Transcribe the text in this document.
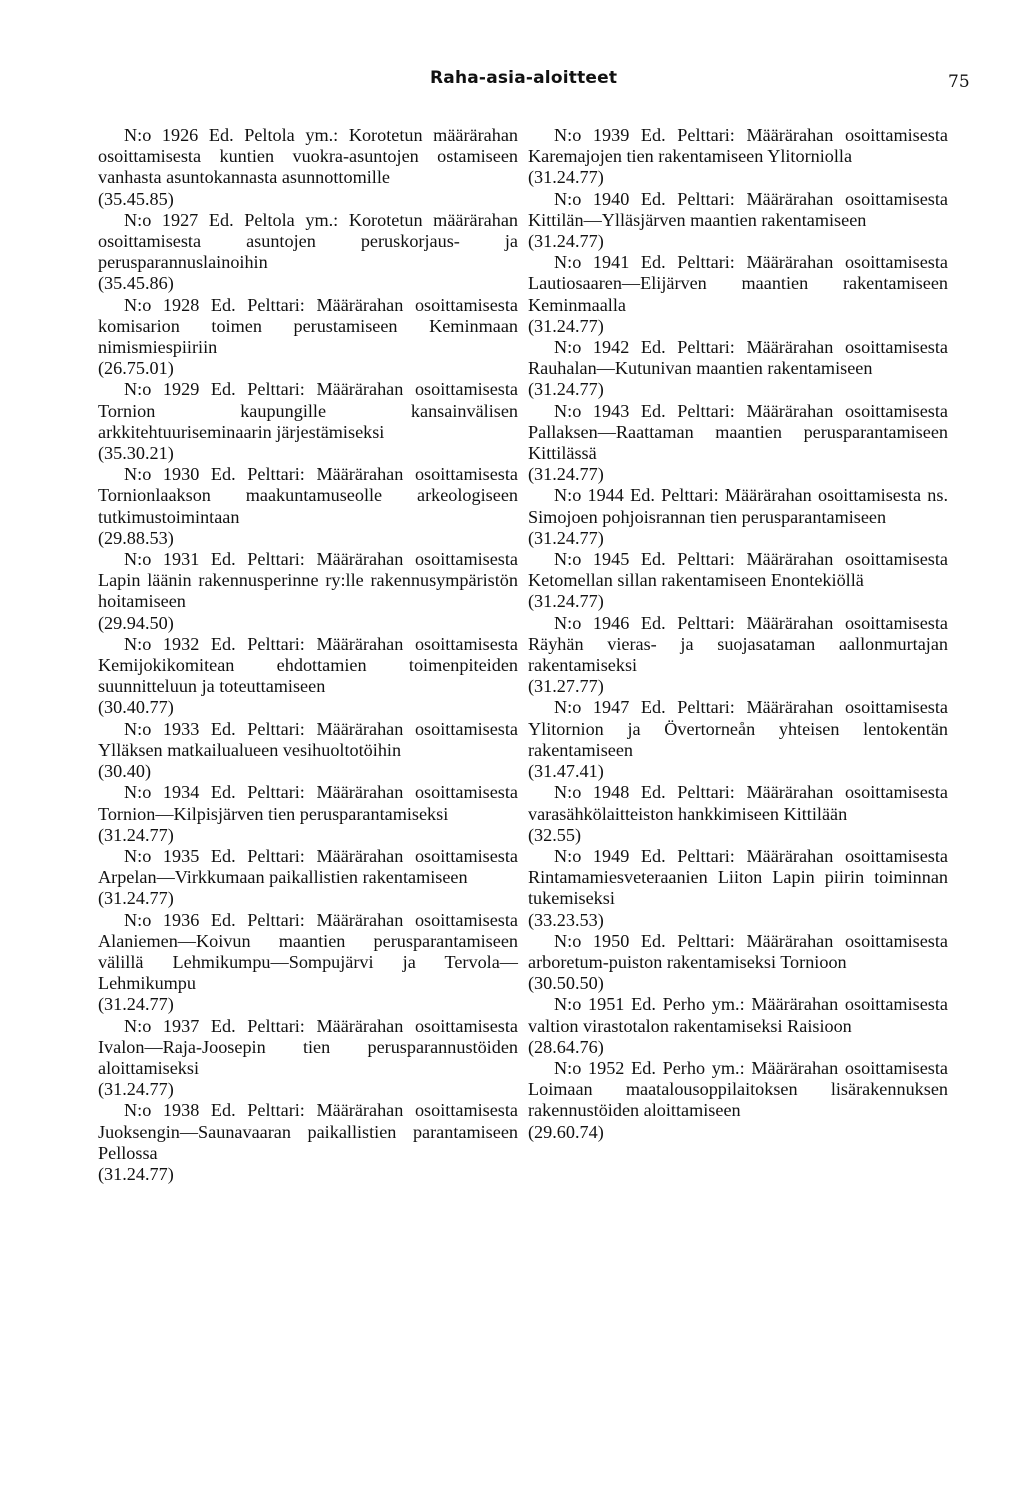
Raha-asia-aloitteet	75

N:o 1926 Ed. Peltola ym.: Korotetun määrärahan osoittamisesta kuntien vuokra-asuntojen ostamiseen vanhasta asuntokannasta asunnottomille

(35.45.85)

N:o 1927 Ed. Peltola ym.: Korotetun määrärahan osoittamisesta asuntojen peruskorjaus- ja perusparannuslainoihin

(35.45.86)

N:o 1928 Ed. Pelttari: Määrärahan osoittamisesta komisarion toimen perustamiseen Keminmaan nimismiespiiriin

(26.75.01)

N:o 1929 Ed. Pelttari: Määrärahan osoittamisesta Tornion kaupungille kansainvälisen arkkitehtuuriseminaarin järjestämiseksi

(35.30.21)

N:o 1930 Ed. Pelttari: Määrärahan osoittamisesta Tornionlaakson maakuntamuseolle arkeologiseen tutkimustoimintaan

(29.88.53)

N:o 1931 Ed. Pelttari: Määrärahan osoittamisesta Lapin läänin rakennusperinne ry:lle rakennusympäristön hoitamiseen

(29.94.50)

N:o 1932 Ed. Pelttari: Määrärahan osoittamisesta Kemijokikomitean ehdottamien toimenpiteiden suunnitteluun ja toteuttamiseen

(30.40.77)

N:o 1933 Ed. Pelttari: Määrärahan osoittamisesta Ylläksen matkailualueen vesihuoltotöihin

(30.40)

N:o 1934 Ed. Pelttari: Määrärahan osoittamisesta Tornion—Kilpisjärven tien perusparantamiseksi

(31.24.77)

N:o 1935 Ed. Pelttari: Määrärahan osoittamisesta Arpelan—Virkkumaan paikallistien rakentamiseen

(31.24.77)

N:o 1936 Ed. Pelttari: Määrärahan osoittamisesta Alaniemen—Koivun maantien perusparantamiseen välillä Lehmikumpu—Sompujärvi ja Tervola—Lehmikumpu

(31.24.77)

N:o 1937 Ed. Pelttari: Määrärahan osoittamisesta Ivalon—Raja-Joosepin tien perusparannustöiden aloittamiseksi

(31.24.77)

N:o 1938 Ed. Pelttari: Määrärahan osoittamisesta Juoksengin—Saunavaaran paikallistien parantamiseen Pellossa

(31.24.77)

N:o 1939 Ed. Pelttari: Määrärahan osoittamisesta Karemajojen tien rakentamiseen Ylitorniolla

(31.24.77)

N:o 1940 Ed. Pelttari: Määrärahan osoittamisesta Kittilän—Ylläsjärven maantien rakentamiseen

(31.24.77)

N:o 1941 Ed. Pelttari: Määrärahan osoittamisesta Lautiosaaren—Elijärven maantien rakentamiseen Keminmaalla

(31.24.77)

N:o 1942 Ed. Pelttari: Määrärahan osoittamisesta Rauhalan—Kutunivan maantien rakentamiseen

(31.24.77)

N:o 1943 Ed. Pelttari: Määrärahan osoittamisesta Pallaksen—Raattaman maantien perusparantamiseen Kittilässä

(31.24.77)

N:o 1944 Ed. Pelttari: Määrärahan osoittamisesta ns. Simojoen pohjoisrannan tien perusparantamiseen

(31.24.77)

N:o 1945 Ed. Pelttari: Määrärahan osoittamisesta Ketomellan sillan rakentamiseen Enontekiöllä

(31.24.77)

N:o 1946 Ed. Pelttari: Määrärahan osoittamisesta Räyhän vieras- ja suojasataman aallonmurtajan rakentamiseksi

(31.27.77)

N:o 1947 Ed. Pelttari: Määrärahan osoittamisesta Ylitornion ja Övertorneån yhteisen lentokentän rakentamiseen

(31.47.41)

N:o 1948 Ed. Pelttari: Määrärahan osoittamisesta varasähkölaitteiston hankkimiseen Kittilään

(32.55)

N:o 1949 Ed. Pelttari: Määrärahan osoittamisesta Rintamamiesveteraanien Liiton Lapin piirin toiminnan tukemiseksi

(33.23.53)

N:o 1950 Ed. Pelttari: Määrärahan osoittamisesta arboretum-puiston rakentamiseksi Tornioon

(30.50.50)

N:o 1951 Ed. Perho ym.: Määrärahan osoittamisesta valtion virastotalon rakentamiseksi Raisioon

(28.64.76)

N:o 1952 Ed. Perho ym.: Määrärahan osoittamisesta Loimaan maatalousoppilaitoksen lisärakennuksen rakennustöiden aloittamiseen

(29.60.74)
